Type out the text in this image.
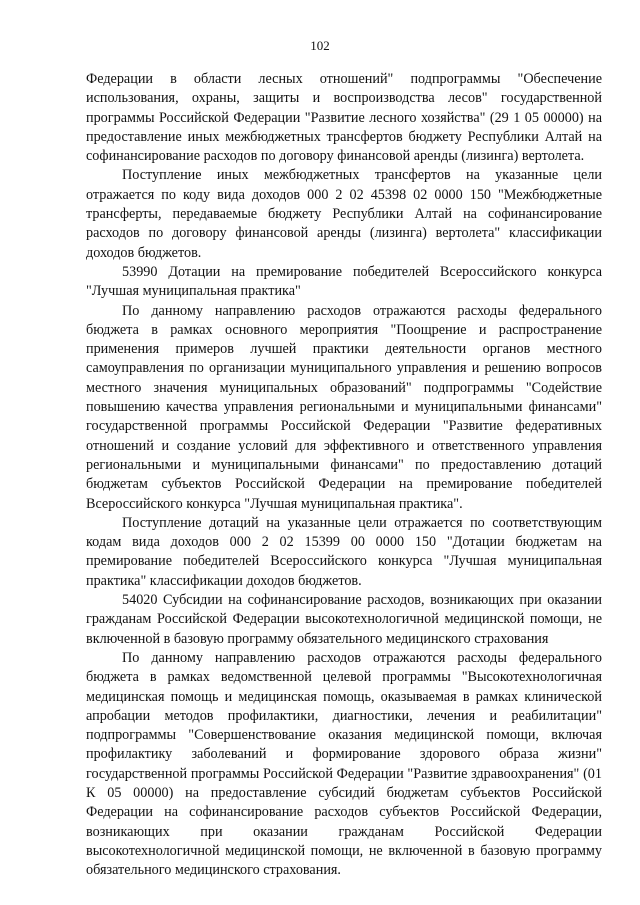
102

Федерации в области лесных отношений" подпрограммы "Обеспечение использования, охраны, защиты и воспроизводства лесов" государственной программы Российской Федерации "Развитие лесного хозяйства" (29 1 05 00000) на предоставление иных межбюджетных трансфертов бюджету Республики Алтай на софинансирование расходов по договору финансовой аренды (лизинга) вертолета.

Поступление иных межбюджетных трансфертов на указанные цели отражается по коду вида доходов 000 2 02 45398 02 0000 150 "Межбюджетные трансферты, передаваемые бюджету Республики Алтай на софинансирование расходов по договору финансовой аренды (лизинга) вертолета" классификации доходов бюджетов.

53990 Дотации на премирование победителей Всероссийского конкурса "Лучшая муниципальная практика"

По данному направлению расходов отражаются расходы федерального бюджета в рамках основного мероприятия "Поощрение и распространение применения примеров лучшей практики деятельности органов местного самоуправления по организации муниципального управления и решению вопросов местного значения муниципальных образований" подпрограммы "Содействие повышению качества управления региональными и муниципальными финансами" государственной программы Российской Федерации "Развитие федеративных отношений и создание условий для эффективного и ответственного управления региональными и муниципальными финансами" по предоставлению дотаций бюджетам субъектов Российской Федерации на премирование победителей Всероссийского конкурса "Лучшая муниципальная практика".

Поступление дотаций на указанные цели отражается по соответствующим кодам вида доходов 000 2 02 15399 00 0000 150 "Дотации бюджетам на премирование победителей Всероссийского конкурса "Лучшая муниципальная практика" классификации доходов бюджетов.

54020 Субсидии на софинансирование расходов, возникающих при оказании гражданам Российской Федерации высокотехнологичной медицинской помощи, не включенной в базовую программу обязательного медицинского страхования

По данному направлению расходов отражаются расходы федерального бюджета в рамках ведомственной целевой программы "Высокотехнологичная медицинская помощь и медицинская помощь, оказываемая в рамках клинической апробации методов профилактики, диагностики, лечения и реабилитации" подпрограммы "Совершенствование оказания медицинской помощи, включая профилактику заболеваний и формирование здорового образа жизни" государственной программы Российской Федерации "Развитие здравоохранения" (01 К 05 00000) на предоставление субсидий бюджетам субъектов Российской Федерации на софинансирование расходов субъектов Российской Федерации, возникающих при оказании гражданам Российской Федерации высокотехнологичной медицинской помощи, не включенной в базовую программу обязательного медицинского страхования.
